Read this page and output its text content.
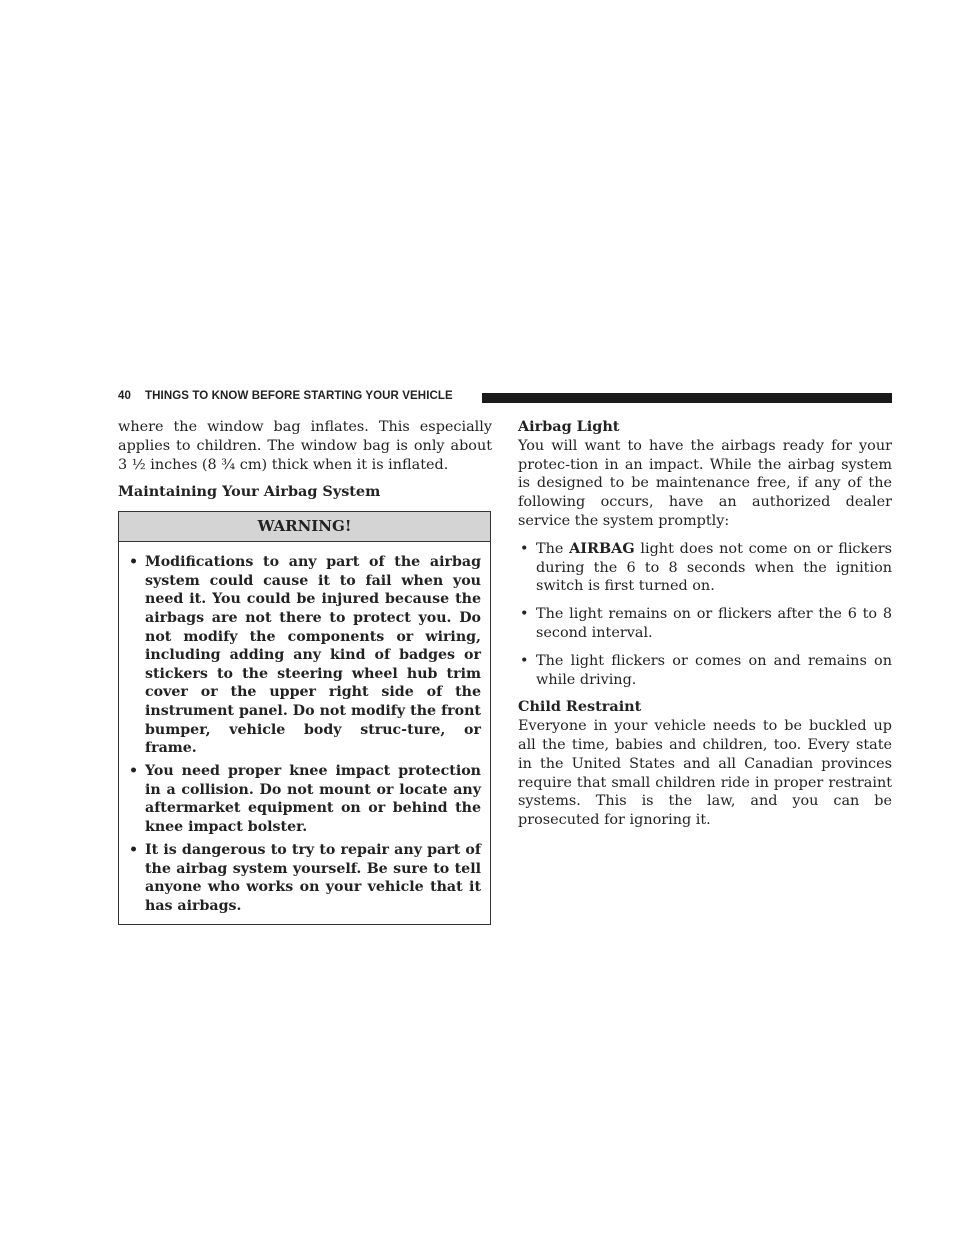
40 THINGS TO KNOW BEFORE STARTING YOUR VEHICLE

where the window bag inflates. This especially applies to children. The window bag is only about 3 ½ inches (8 ¾ cm) thick when it is inflated.

Maintaining Your Airbag System
WARNING!
• Modifications to any part of the airbag system could cause it to fail when you need it. You could be injured because the airbags are not there to protect you. Do not modify the components or wiring, including adding any kind of badges or stickers to the steering wheel hub trim cover or the upper right side of the instrument panel. Do not modify the front bumper, vehicle body struc-ture, or frame.
• You need proper knee impact protection in a collision. Do not mount or locate any aftermarket equipment on or behind the knee impact bolster.
• It is dangerous to try to repair any part of the airbag system yourself. Be sure to tell anyone who works on your vehicle that it has airbags.
Airbag Light

You will want to have the airbags ready for your protec-tion in an impact. While the airbag system is designed to be maintenance free, if any of the following occurs, have an authorized dealer service the system promptly:

• The AIRBAG light does not come on or flickers during the 6 to 8 seconds when the ignition switch is first turned on.
• The light remains on or flickers after the 6 to 8 second interval.
• The light flickers or comes on and remains on while driving.
Child Restraint

Everyone in your vehicle needs to be buckled up all the time, babies and children, too. Every state in the United States and all Canadian provinces require that small children ride in proper restraint systems. This is the law, and you can be prosecuted for ignoring it.
